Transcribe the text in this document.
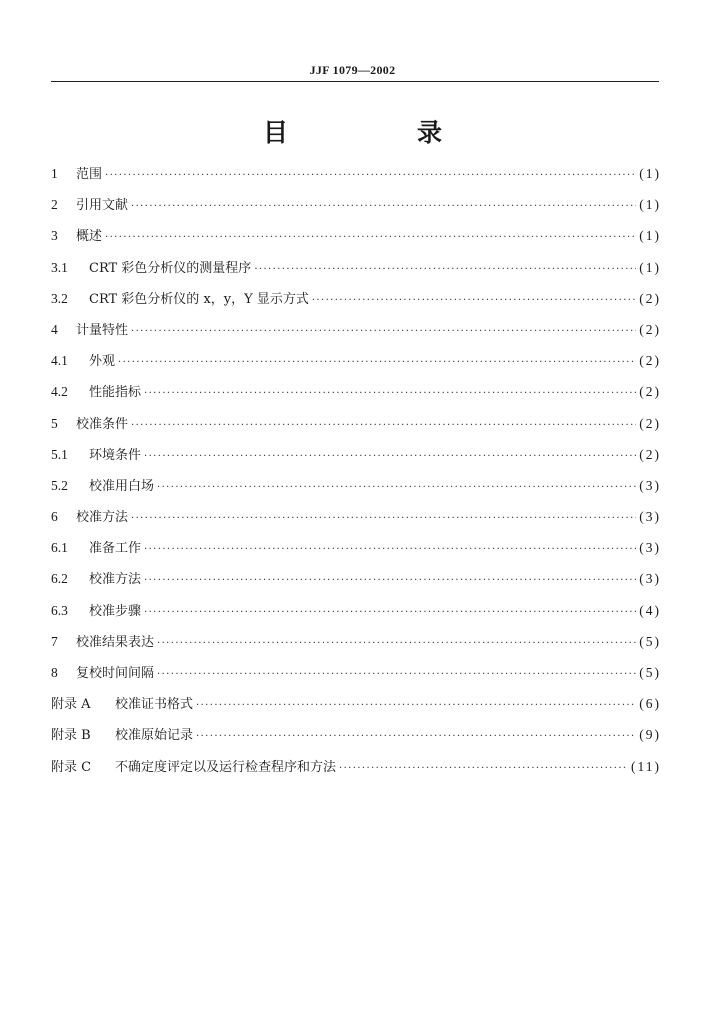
JJF 1079—2002
目　录
1	范围 ·····	(1)
2	引用文献 ·····	(1)
3	概述 ·····	(1)
3.1	CRT 彩色分析仪的测量程序 ·····	(1)
3.2	CRT 彩色分析仪的 x，y，Y 显示方式 ·····	(2)
4	计量特性 ·····	(2)
4.1	外观 ·····	(2)
4.2	性能指标 ·····	(2)
5	校准条件 ·····	(2)
5.1	环境条件 ·····	(2)
5.2	校准用白场 ·····	(3)
6	校准方法 ·····	(3)
6.1	准备工作 ·····	(3)
6.2	校准方法 ·····	(3)
6.3	校准步骤 ·····	(4)
7	校准结果表达 ·····	(5)
8	复校时间间隔 ·····	(5)
附录 A	校准证书格式 ·····	(6)
附录 B	校准原始记录 ·····	(9)
附录 C	不确定度评定以及运行检查程序和方法 ·····	(11)
